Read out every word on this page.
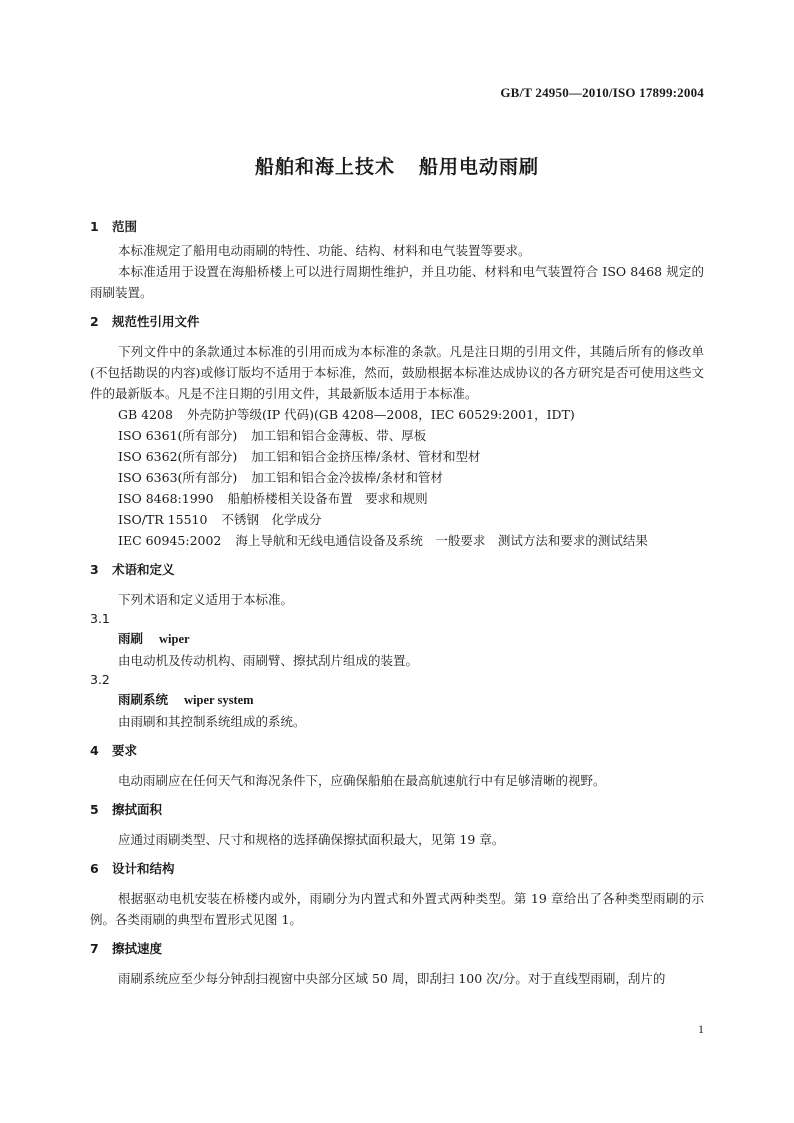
GB/T 24950—2010/ISO 17899:2004
船舶和海上技术 船用电动雨刷

1 范围

本标准规定了船用电动雨刷的特性、功能、结构、材料和电气装置等要求。

本标准适用于设置在海船桥楼上可以进行周期性维护，并且功能、材料和电气装置符合 ISO 8468 规定的雨刷装置。

2 规范性引用文件

下列文件中的条款通过本标准的引用而成为本标准的条款。凡是注日期的引用文件，其随后所有的修改单(不包括勘误的内容)或修订版均不适用于本标准，然而，鼓励根据本标准达成协议的各方研究是否可使用这些文件的最新版本。凡是不注日期的引用文件，其最新版本适用于本标准。

GB 4208 外壳防护等级(IP 代码)(GB 4208—2008，IEC 60529:2001，IDT)
ISO 6361(所有部分) 加工铝和铝合金薄板、带、厚板
ISO 6362(所有部分) 加工铝和铝合金挤压棒/条材、管材和型材
ISO 6363(所有部分) 加工铝和铝合金冷拔棒/条材和管材
ISO 8468:1990 船舶桥楼相关设备布置　要求和规则
ISO/TR 15510 不锈钢　化学成分
IEC 60945:2002 海上导航和无线电通信设备及系统　一般要求　测试方法和要求的测试结果

3 术语和定义

下列术语和定义适用于本标准。

3.1

雨刷 wiper

由电动机及传动机构、雨刷臂、擦拭刮片组成的装置。

3.2

雨刷系统 wiper system

由雨刷和其控制系统组成的系统。

4 要求

电动雨刷应在任何天气和海况条件下，应确保船舶在最高航速航行中有足够清晰的视野。

5 擦拭面积

应通过雨刷类型、尺寸和规格的选择确保擦拭面积最大，见第 19 章。

6 设计和结构

根据驱动电机安装在桥楼内或外，雨刷分为内置式和外置式两种类型。第 19 章给出了各种类型雨刷的示例。各类雨刷的典型布置形式见图 1。

7 擦拭速度

雨刷系统应至少每分钟刮扫视窗中央部分区域 50 周，即刮扫 100 次/分。对于直线型雨刷，刮片的

1
